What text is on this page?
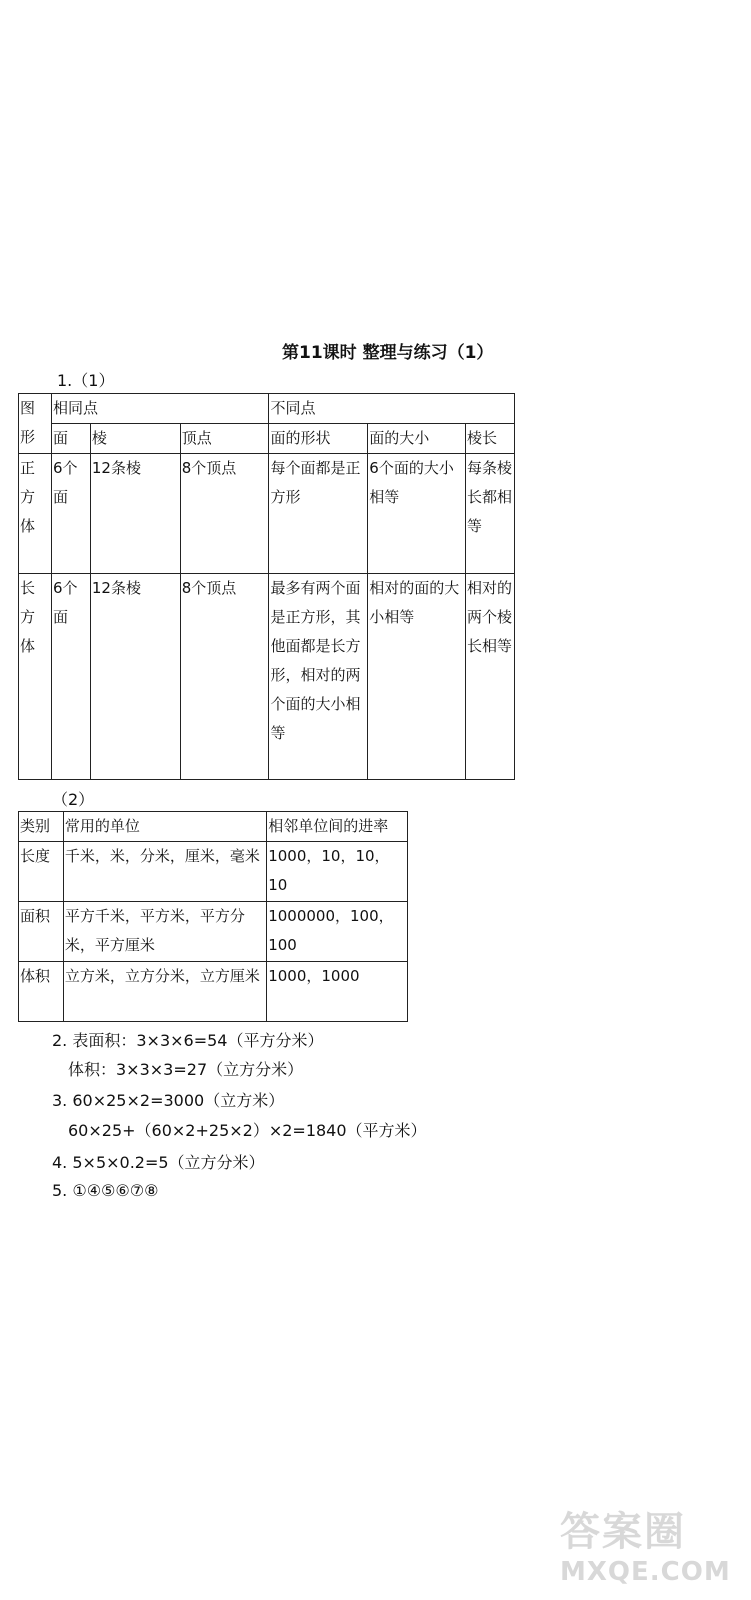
第11课时 整理与练习（1）
1.（1）
图形	相同点			不同点		
	面	棱	顶点	面的形状	面的大小	棱长
正方体	6个面	12条棱	8个顶点	每个面都是正方形	6个面的大小相等	每条棱长都相等
长方体	6个面	12条棱	8个顶点	最多有两个面是正方形，其他面都是长方形，相对的两个面的大小相等	相对的面的大小相等	相对的两个棱长相等
（2）
类别	常用的单位	相邻单位间的进率
长度	千米，米，分米，厘米，毫米	1000，10，10，10
面积	平方千米，平方米，平方分米，平方厘米	1000000，100，100
体积	立方米，立方分米，立方厘米	1000，1000
2. 表面积：3×3×6=54（平方分米）
体积：3×3×3=27（立方分米）
3. 60×25×2=3000（立方米）
60×25+（60×2+25×2）×2=1840（平方米）
4. 5×5×0.2=5（立方分米）
5. ①④⑤⑥⑦⑧
答案圈
MXQE.COM
